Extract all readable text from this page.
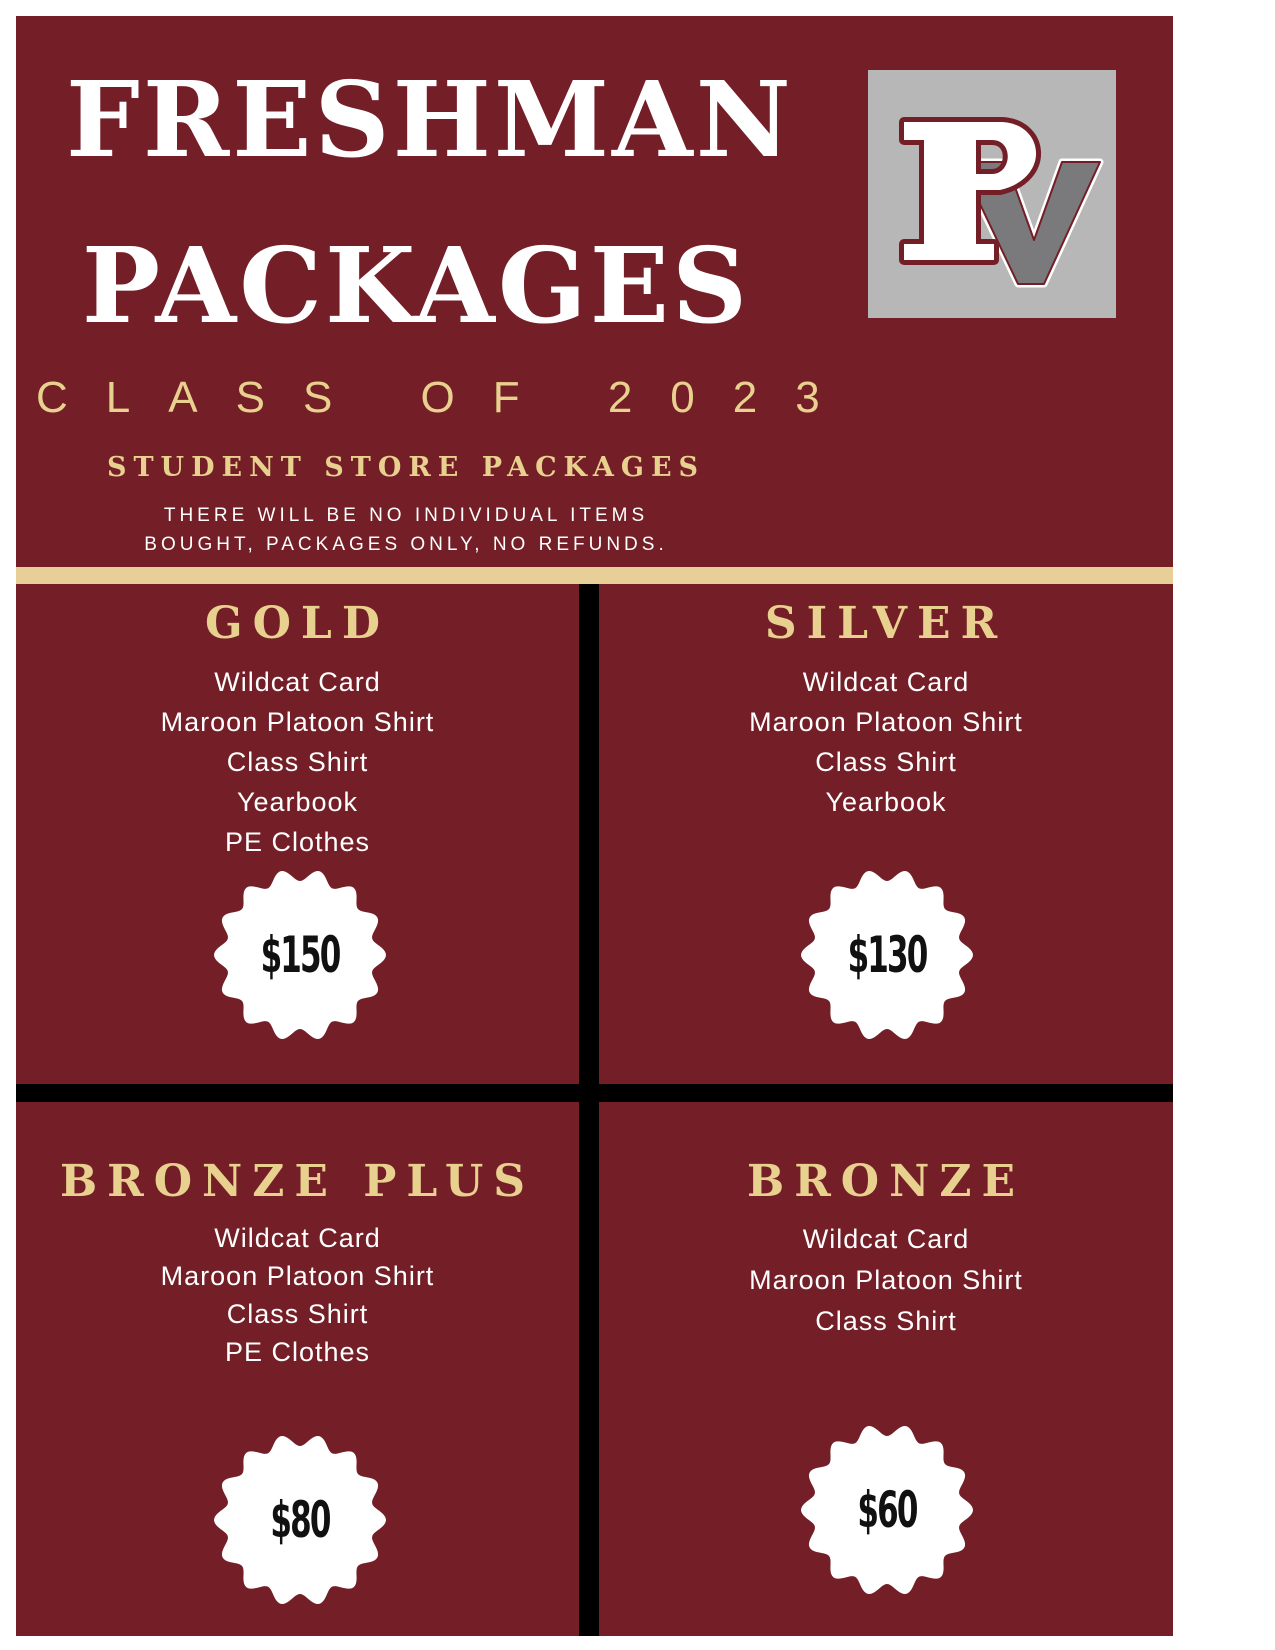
FRESHMAN
PACKAGES
CLASS OF 2023
STUDENT STORE PACKAGES
THERE WILL BE NO INDIVIDUAL ITEMS
BOUGHT, PACKAGES ONLY, NO REFUNDS.
GOLD
Wildcat Card
Maroon Platoon Shirt
Class Shirt
Yearbook
PE Clothes
$150
SILVER
Wildcat Card
Maroon Platoon Shirt
Class Shirt
Yearbook
$130
BRONZE PLUS
Wildcat Card
Maroon Platoon Shirt
Class Shirt
PE Clothes
$80
BRONZE
Wildcat Card
Maroon Platoon Shirt
Class Shirt
$60
